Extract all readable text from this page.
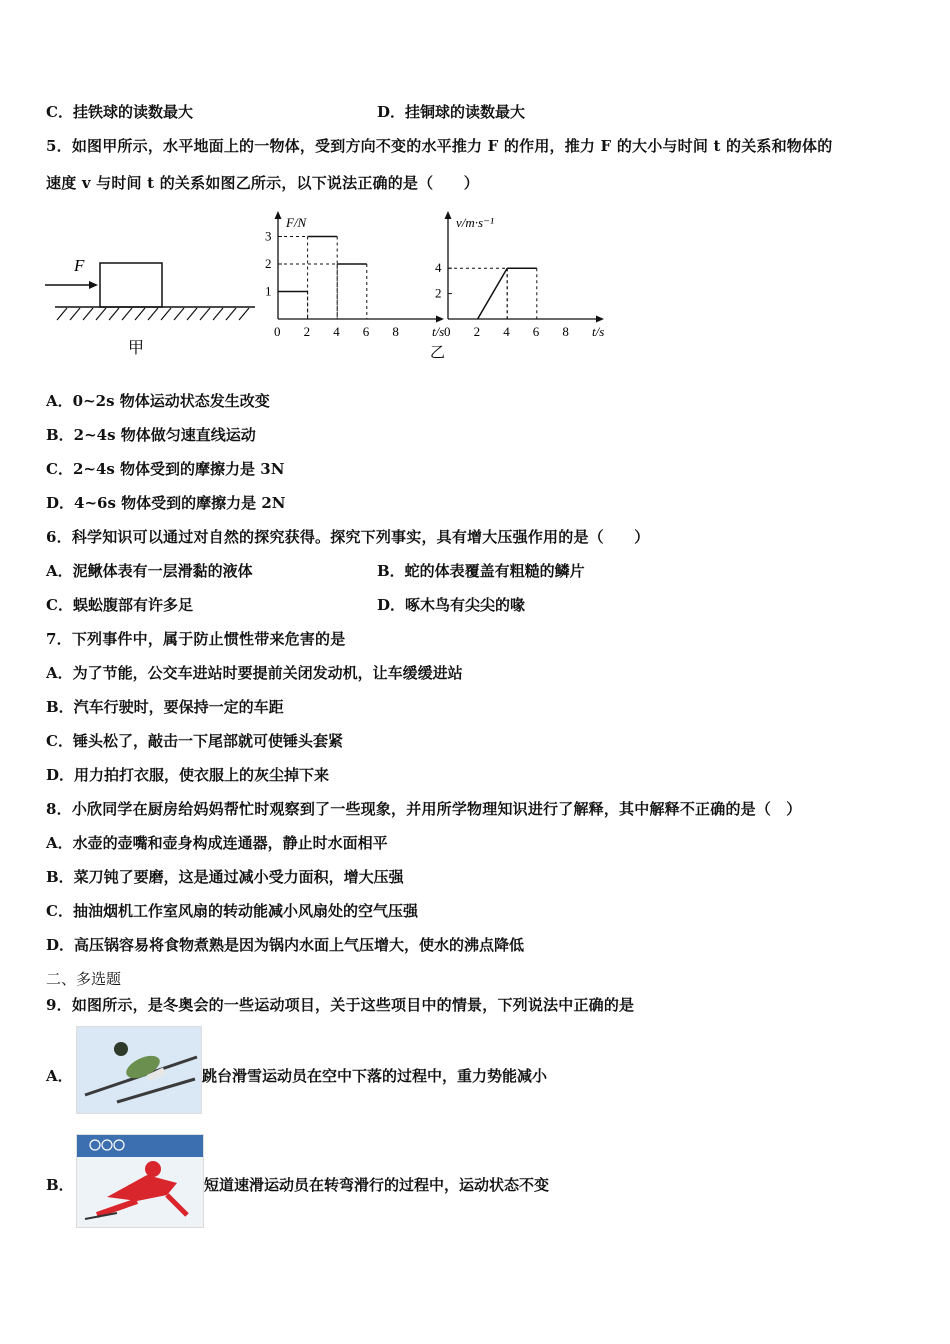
C．挂铁球的读数最大	D．挂铜球的读数最大
5．如图甲所示，水平地面上的一物体，受到方向不变的水平推力 F 的作用，推力 F 的大小与时间 t 的关系和物体的
速度 v 与时间 t 的关系如图乙所示，以下说法正确的是（　　）
F
甲
F/N
t/s
0 2 4 6 8
1
2
3
v/m·s⁻¹
t/s
0 2 4 6 8
2
4
乙
A．0~2s 物体运动状态发生改变
B．2~4s 物体做匀速直线运动
C．2~4s 物体受到的摩擦力是 3N
D．4~6s 物体受到的摩擦力是 2N
6．科学知识可以通过对自然的探究获得。探究下列事实，具有增大压强作用的是（　　）
A．泥鳅体表有一层滑黏的液体	B．蛇的体表覆盖有粗糙的鳞片
C．蜈蚣腹部有许多足	D．啄木鸟有尖尖的喙
7．下列事件中，属于防止惯性带来危害的是
A．为了节能，公交车进站时要提前关闭发动机，让车缓缓进站
B．汽车行驶时，要保持一定的车距
C．锤头松了，敲击一下尾部就可使锤头套紧
D．用力拍打衣服，使衣服上的灰尘掉下来
8．小欣同学在厨房给妈妈帮忙时观察到了一些现象，并用所学物理知识进行了解释，其中解释不正确的是（　）
A．水壶的壶嘴和壶身构成连通器，静止时水面相平
B．菜刀钝了要磨，这是通过减小受力面积，增大压强
C．抽油烟机工作室风扇的转动能减小风扇处的空气压强
D．高压锅容易将食物煮熟是因为锅内水面上气压增大，使水的沸点降低
二、多选题
9．如图所示，是冬奥会的一些运动项目，关于这些项目中的情景，下列说法中正确的是
A．	跳台滑雪运动员在空中下落的过程中，重力势能减小
B．	短道速滑运动员在转弯滑行的过程中，运动状态不变
